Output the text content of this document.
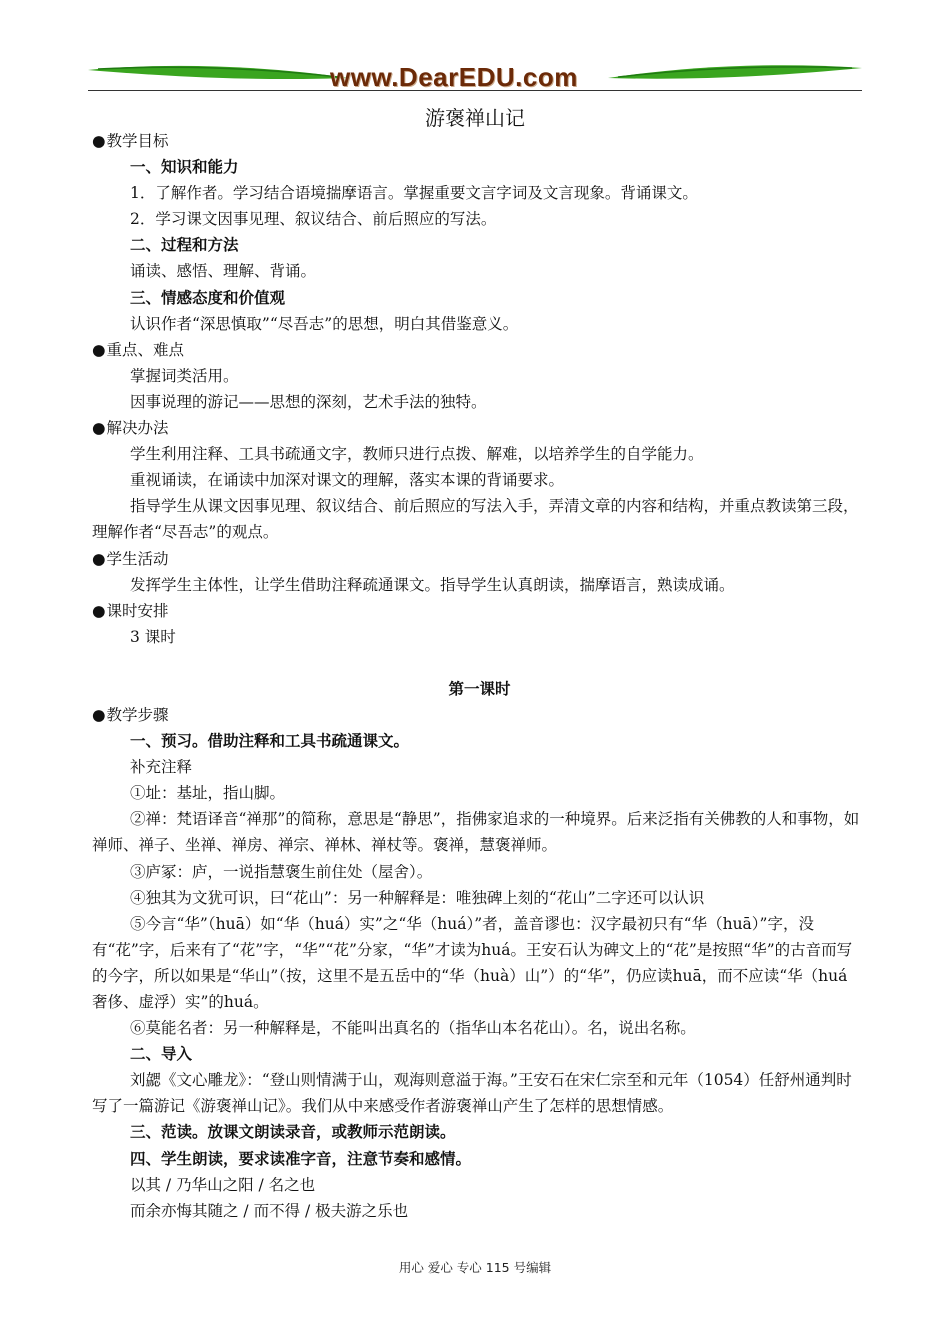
www.DearEDU.com
游褒禅山记
● 教学目标
一、知识和能力
1．了解作者。学习结合语境揣摩语言。掌握重要文言字词及文言现象。背诵课文。
2．学习课文因事见理、叙议结合、前后照应的写法。
二、过程和方法
诵读、感悟、理解、背诵。
三、情感态度和价值观
认识作者“深思慎取”“尽吾志”的思想，明白其借鉴意义。
● 重点、难点
掌握词类活用。
因事说理的游记——思想的深刻，艺术手法的独特。
● 解决办法
学生利用注释、工具书疏通文字，教师只进行点拨、解难，以培养学生的自学能力。
重视诵读，在诵读中加深对课文的理解，落实本课的背诵要求。
指导学生从课文因事见理、叙议结合、前后照应的写法入手，弄清文章的内容和结构，并重点教读第三段，理解作者“尽吾志”的观点。
● 学生活动
发挥学生主体性，让学生借助注释疏通课文。指导学生认真朗读，揣摩语言，熟读成诵。
● 课时安排
3 课时
第一课时
● 教学步骤
一、预习。借助注释和工具书疏通课文。
补充注释
①址：基址，指山脚。
②禅：梵语译音“禅那”的简称，意思是“静思”，指佛家追求的一种境界。后来泛指有关佛教的人和事物，如禅师、禅子、坐禅、禅房、禅宗、禅林、禅杖等。褒禅，慧褒禅师。
③庐冢：庐，一说指慧褒生前住处（屋舍）。
④独其为文犹可识，曰“花山”：另一种解释是：唯独碑上刻的“花山”二字还可以认识
⑤今言“华”（huā）如“华（huá）实”之“华（huá）”者，盖音谬也：汉字最初只有“华（huā）”字，没有“花”字，后来有了“花”字，“华”“花”分家，“华”才读为huá。王安石认为碑文上的“花”是按照“华”的古音而写的今字，所以如果是“华山”（按，这里不是五岳中的“华（huà）山”）的“华”，仍应读huā，而不应读“华（huá 奢侈、虚浮）实”的huá。
⑥莫能名者：另一种解释是，不能叫出真名的（指华山本名花山）。名，说出名称。
二、导入
刘勰《文心雕龙》：“登山则情满于山，观海则意溢于海。”王安石在宋仁宗至和元年（1054）任舒州通判时写了一篇游记《游褒禅山记》。我们从中来感受作者游褒禅山产生了怎样的思想情感。
三、范读。放课文朗读录音，或教师示范朗读。
四、学生朗读，要求读准字音，注意节奏和感情。
以其 / 乃华山之阳 / 名之也
而余亦悔其随之 / 而不得 / 极夫游之乐也
用心 爱心 专心 115 号编辑
